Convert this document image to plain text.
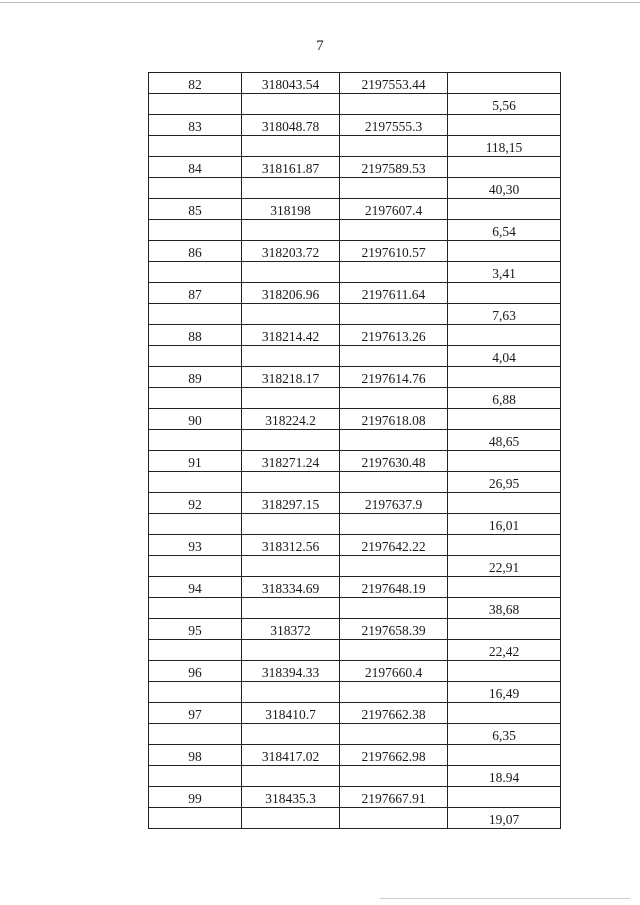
7
82	318043.54	2197553.44	
			5,56
83	318048.78	2197555.3	
			118,15
84	318161.87	2197589.53	
			40,30
85	318198	2197607.4	
			6,54
86	318203.72	2197610.57	
			3,41
87	318206.96	2197611.64	
			7,63
88	318214.42	2197613.26	
			4,04
89	318218.17	2197614.76	
			6,88
90	318224.2	2197618.08	
			48,65
91	318271.24	2197630.48	
			26,95
92	318297.15	2197637.9	
			16,01
93	318312.56	2197642.22	
			22,91
94	318334.69	2197648.19	
			38,68
95	318372	2197658.39	
			22,42
96	318394.33	2197660.4	
			16,49
97	318410.7	2197662.38	
			6,35
98	318417.02	2197662.98	
			18.94
99	318435.3	2197667.91	
			19,07
